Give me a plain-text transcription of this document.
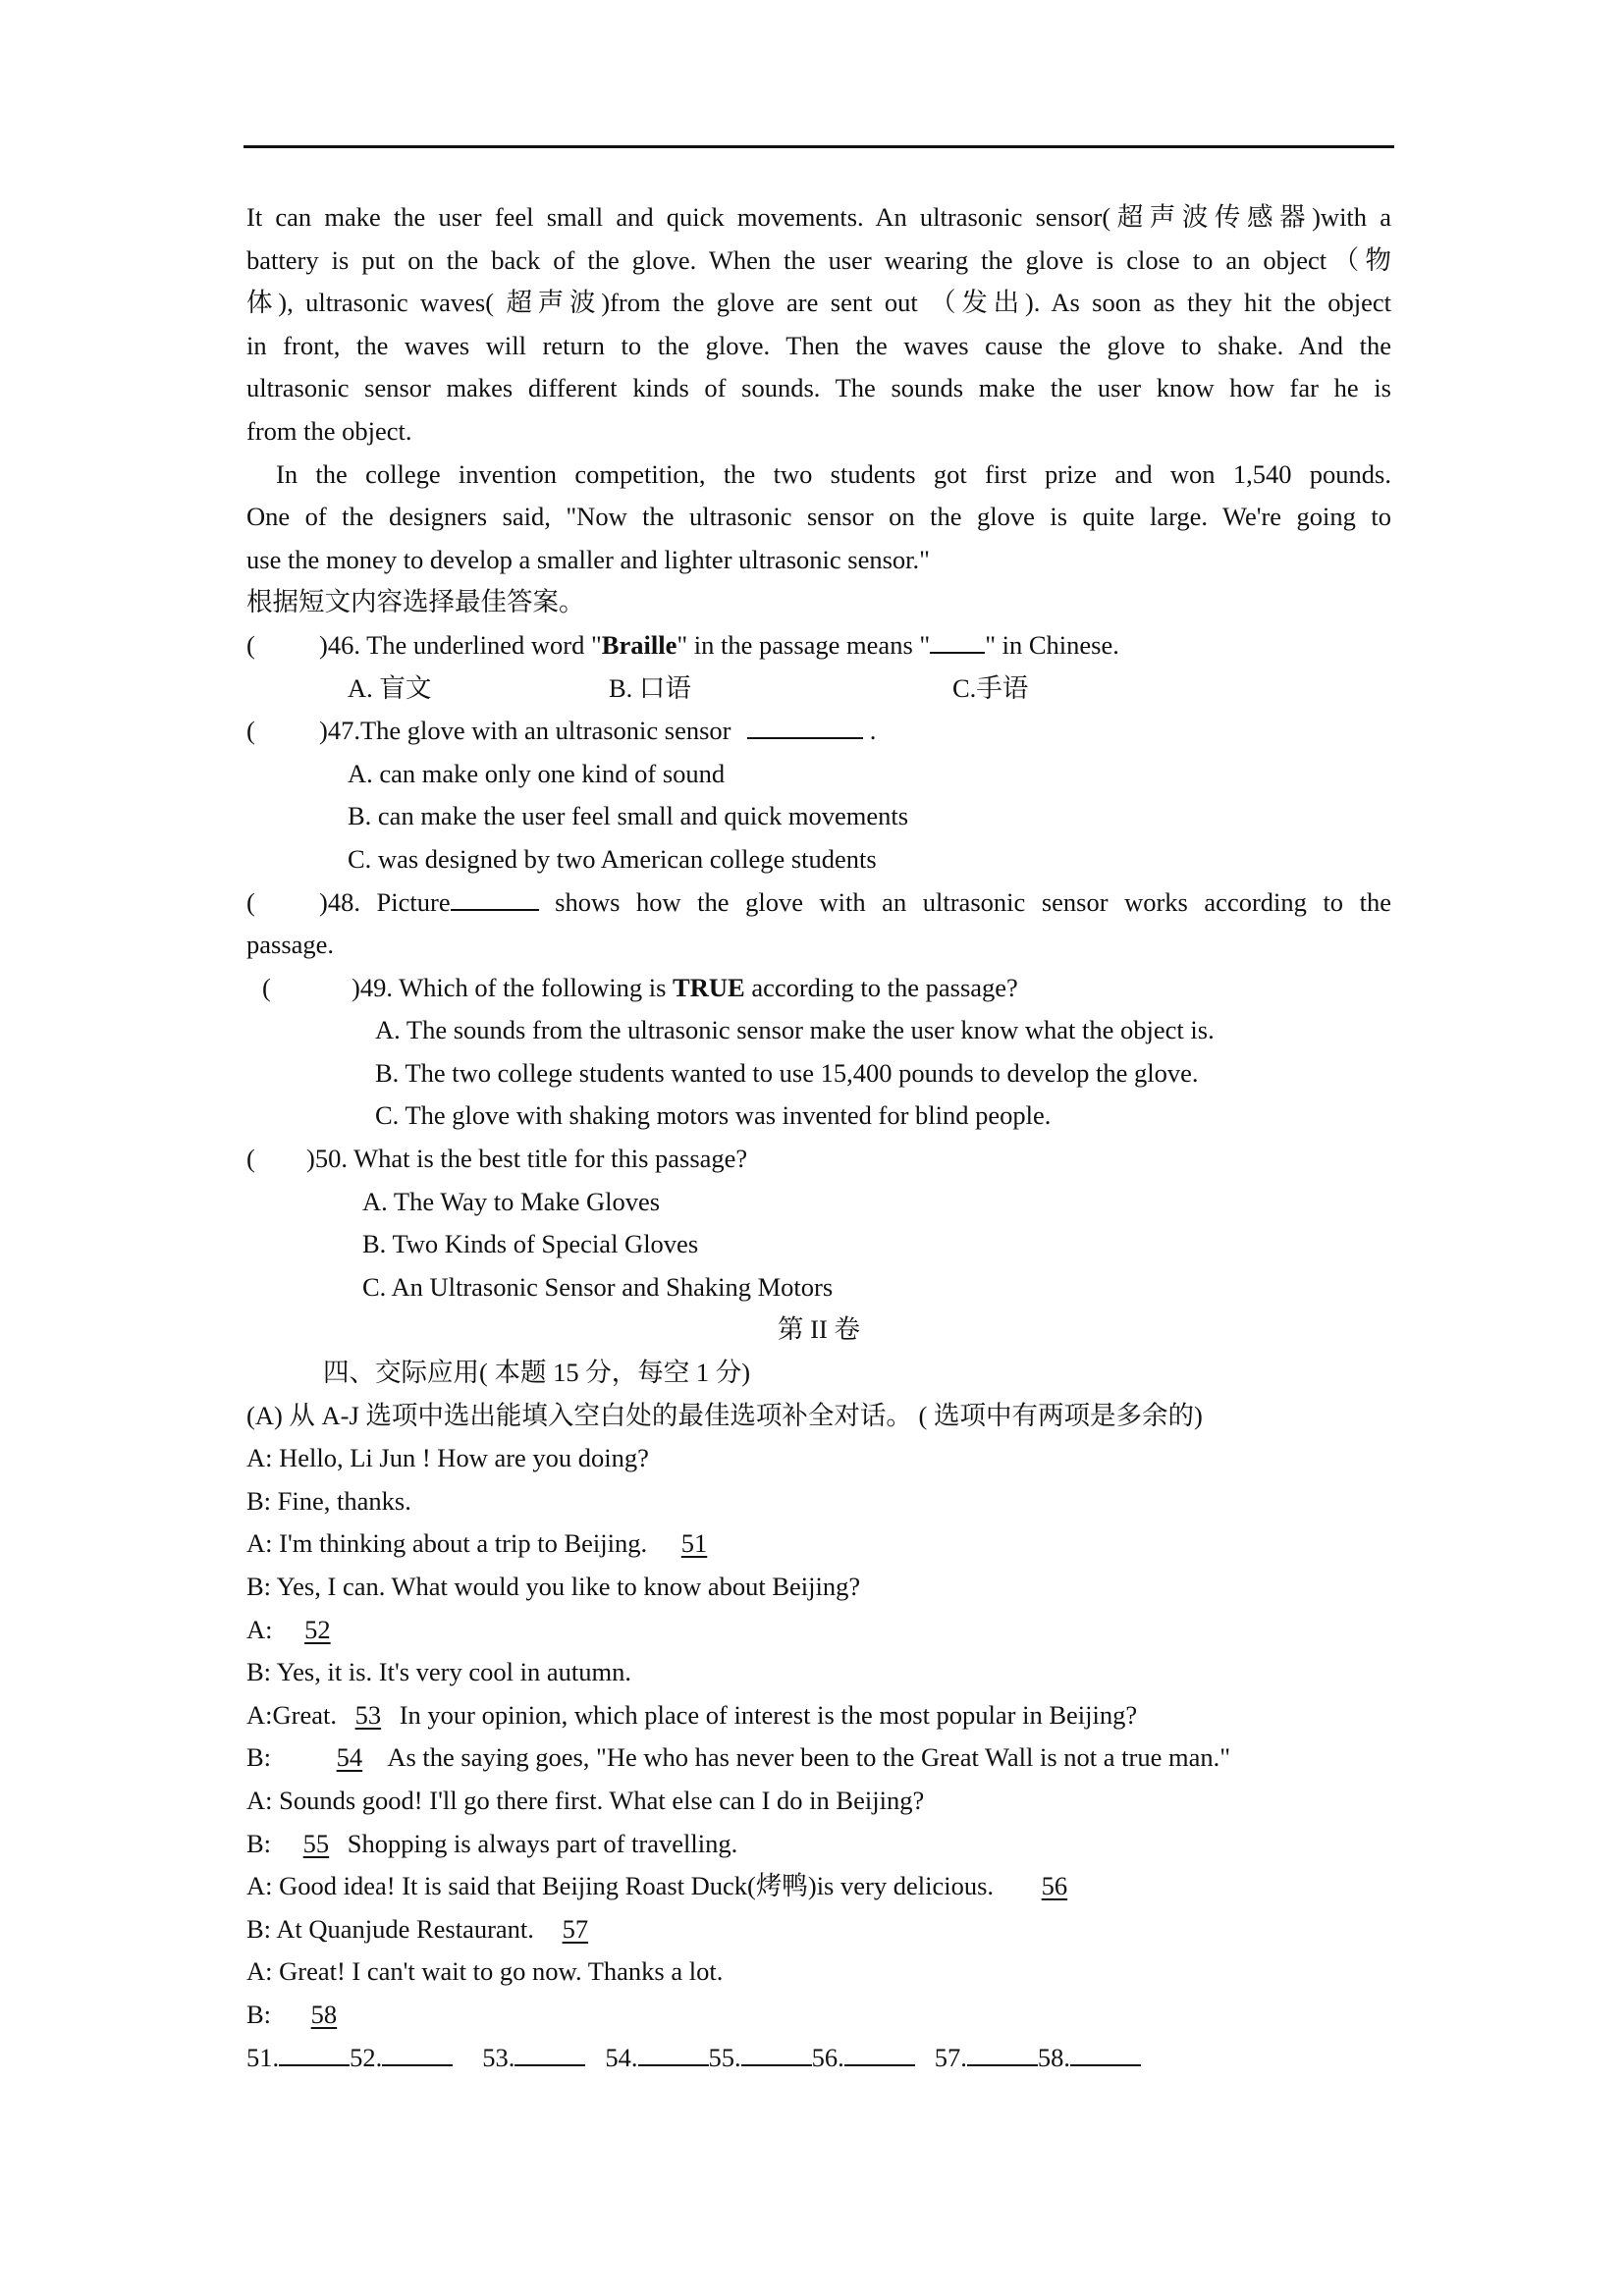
It can make the user feel small and quick movements. An ultrasonic sensor(超声波传感器)with a
battery is put on the back of the glove. When the user wearing the glove is close to an object（物
体), ultrasonic waves( 超声波)from the glove are sent out （发出). As soon as they hit the object
in front, the waves will return to the glove. Then the waves cause the glove to shake. And the
ultrasonic sensor makes different kinds of sounds. The sounds make the user know how far he is
from the object.
In the college invention competition, the two students got first prize and won 1,540 pounds.
One of the designers said, "Now the ultrasonic sensor on the glove is quite large. We're going to
use the money to develop a smaller and lighter ultrasonic sensor."
根据短文内容选择最佳答案。
( )46. The underlined word "Braille" in the passage means " " in Chinese.
A. 盲文	B. 口语	C.手语
( )47.The glove with an ultrasonic sensor	.
A. can make only one kind of sound
B. can make the user feel small and quick movements
C. was designed by two American college students
( )48. Picture	shows how the glove with an ultrasonic sensor works according to the
passage.
(	)49. Which of the following is TRUE according to the passage?
A. The sounds from the ultrasonic sensor make the user know what the object is.
B. The two college students wanted to use 15,400 pounds to develop the glove.
C. The glove with shaking motors was invented for blind people.
( )50. What is the best title for this passage?
A. The Way to Make Gloves
B. Two Kinds of Special Gloves
C. An Ultrasonic Sensor and Shaking Motors
第 II 卷
四、交际应用( 本题 15 分，每空 1 分)
(A) 从 A-J 选项中选出能填入空白处的最佳选项补全对话。 ( 选项中有两项是多余的)
A: Hello, Li Jun ! How are you doing?
B: Fine, thanks.
A: I'm thinking about a trip to Beijing. 51
B: Yes, I can. What would you like to know about Beijing?
A: 52
B: Yes, it is. It's very cool in autumn.
A:Great. 53 In your opinion, which place of interest is the most popular in Beijing?
B:	54 As the saying goes, "He who has never been to the Great Wall is not a true man."
A: Sounds good! I'll go there first. What else can I do in Beijing?
B: 55 Shopping is always part of travelling.
A: Good idea! It is said that Beijing Roast Duck(烤鸭)is very delicious. 56
B: At Quanjude Restaurant. 57
A: Great! I can't wait to go now. Thanks a lot.
B: 58
51.	52.	53.	54.	55.	56.	57.	58.
